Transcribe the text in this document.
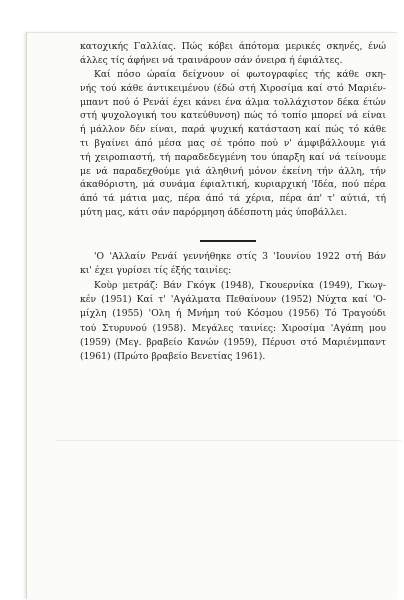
κατοχικής Γαλλίας. Πώς κόβει άπότομα μερικές σκηνές, ένώ
άλλες τίς άφήνει νά τραινάρουν σάν όνειρα ή έφιάλτες.
Καί πόσο ώραία δείχνουν οί φωτογραφίες τής κάθε σκη-
νής τού κάθε άντικειμένου (έδώ στή Χιροσίμα καί στό Μαριέν-
μπαντ πού ό Ρενάί έχει κάνει ένα άλμα τολλάχιστον δέκα έτών
στή ψυχολογική του κατεύθυνση) πώς τό τοπίο μπορεί νά είναι
ή μάλλον δέν είναι, παρά ψυχική κατάσταση καί πώς τό κάθε
τι βγαίνει άπό μέσα μας σέ τρόπο πού ν' άμφιβάλλουμε γιά
τή χειροπιαστή, τή παραδεδεγμένη του ύπαρξη καί νά τείνουμε
με νά παραδεχθούμε γιά άληθινή μόνον έκείνη τήν άλλη, τήν
άκαθόριστη, μά συνάμα έφιαλτική, κυριαρχική 'Ιδέα, πού πέρα
άπό τά μάτια μας, πέρα άπό τά χέρια, πέρα άπ' τ' αύτιά, τή
μύτη μας, κάτι σάν παρόρμηση άδέσποτη μάς ύποβάλλει.
'Ο 'Αλλαίν Ρενάί γεννήθηκε στίς 3 'Ιουνίου 1922 στή Βάν
κι' έχει γυρίσει τίς έξής ταινίες:
Κοὺρ μετράζ: Βάν Γκόγκ (1948), Γκουερνίκα (1949), Γκωγ-
κέν (1951) Καί τ' 'Αγάλματα Πεθαίνουν (1952) Νύχτα καί 'Ο-
μίχλη (1955) 'Ολη ή Μνήμη τού Κόσμου (1956) Τό Τραγούδι
τού Στυρυνού (1958). Μεγάλες ταινίες: Χιροσίμα 'Αγάπη μου
(1959) (Μεγ. βραβείο Κανών (1959), Πέρυσι στό Μαριένμπαντ
(1961) (Πρώτο βραβείο Βενετίας 1961).
